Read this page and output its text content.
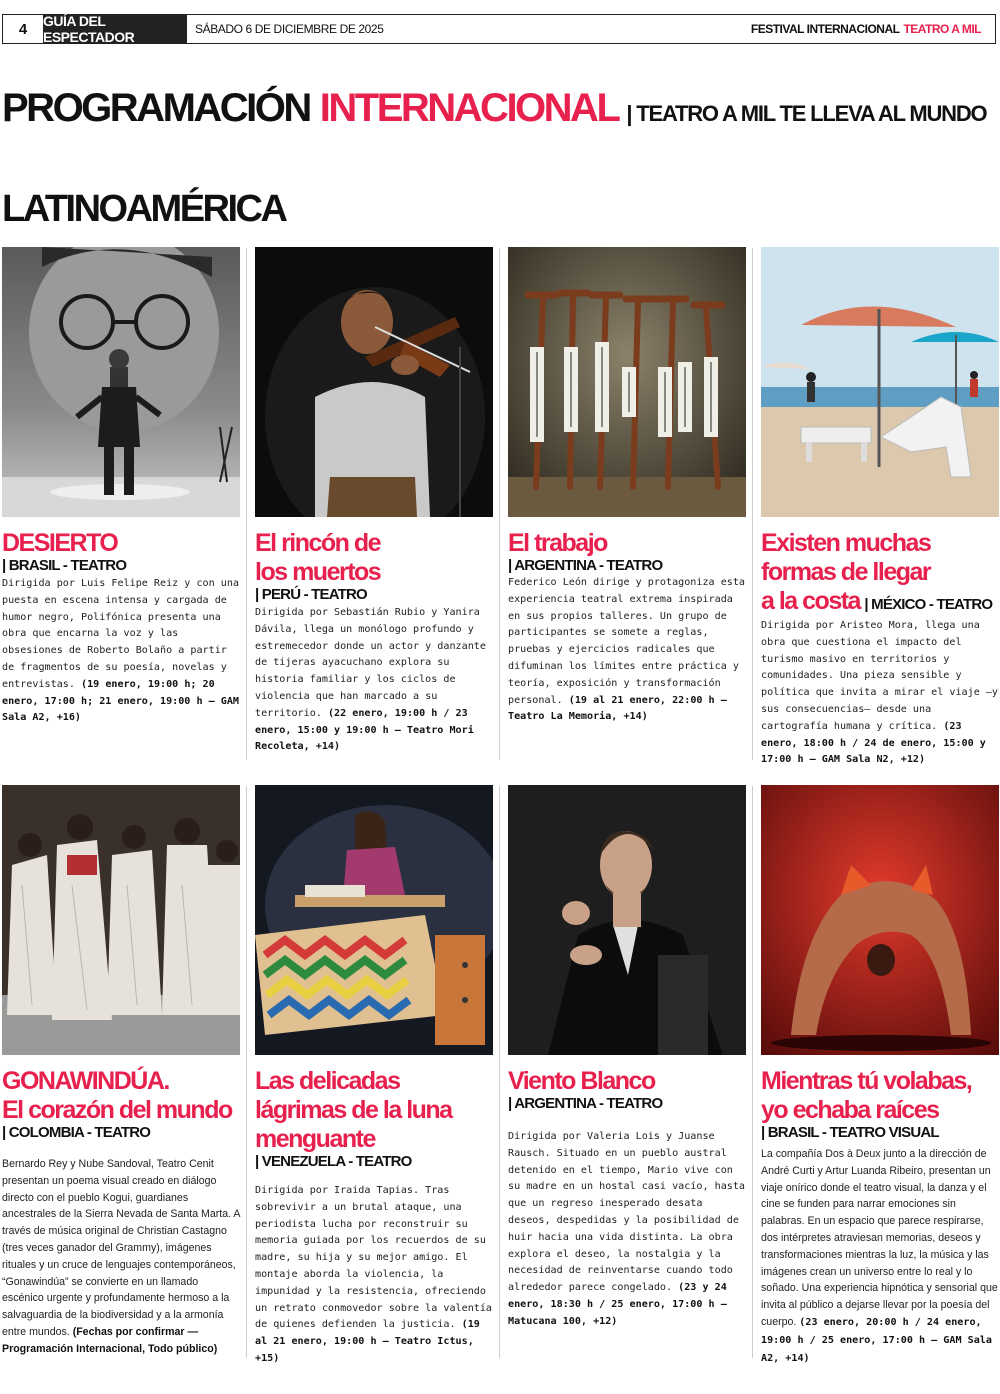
4	GUÍA DEL ESPECTADOR	SÁBADO 6 DE DICIEMBRE DE 2025	FESTIVAL INTERNACIONAL TEATRO A MIL
PROGRAMACIÓN INTERNACIONAL | TEATRO A MIL TE LLEVA AL MUNDO
LATINOAMÉRICA
DESIERTO | BRASIL - TEATRO
Dirigida por Luis Felipe Reiz y con una puesta en escena intensa y cargada de humor negro, Polifónica presenta una obra que encarna la voz y las obsesiones de Roberto Bolaño a partir de fragmentos de su poesía, novelas y entrevistas. (19 enero, 19:00 h; 20 enero, 17:00 h; 21 enero, 19:00 h — GAM Sala A2, +16)
El rincón de
los muertos | PERÚ - TEATRO
Dirigida por Sebastián Rubio y Yanira Dávila, llega un monólogo profundo y estremecedor donde un actor y danzante de tijeras ayacuchano explora su historia familiar y los ciclos de violencia que han marcado a su territorio. (22 enero, 19:00 h / 23 enero, 15:00 y 19:00 h — Teatro Mori Recoleta, +14)
El trabajo
| ARGENTINA - TEATRO
Federico León dirige y protagoniza esta experiencia teatral extrema inspirada en sus propios talleres. Un grupo de participantes se somete a reglas, pruebas y ejercicios radicales que difuminan los límites entre práctica y teoría, exposición y transformación personal. (19 al 21 enero, 22:00 h — Teatro La Memoria, +14)
Existen muchas
formas de llegar
a la costa | MÉXICO - TEATRO
Dirigida por Aristeo Mora, llega una obra que cuestiona el impacto del turismo masivo en territorios y comunidades. Una pieza sensible y política que invita a mirar el viaje —y sus consecuencias— desde una cartografía humana y crítica. (23 enero, 18:00 h / 24 de enero, 15:00 y 17:00 h — GAM Sala N2, +12)
GONAWINDÚA.
El corazón del mundo
| COLOMBIA - TEATRO
Bernardo Rey y Nube Sandoval, Teatro Cenit presentan un poema visual creado en diálogo directo con el pueblo Kogui, guardianes ancestrales de la Sierra Nevada de Santa Marta. A través de música original de Christian Castagno (tres veces ganador del Grammy), imágenes rituales y un cruce de lenguajes contemporáneos, “Gonawindúa” se convierte en un llamado escénico urgente y profundamente hermoso a la salvaguardia de la biodiversidad y a la armonía entre mundos. (Fechas por confirmar — Programación Internacional, Todo público)
Las delicadas
lágrimas de la luna
menguante
| VENEZUELA - TEATRO
Dirigida por Iraida Tapias. Tras sobrevivir a un brutal ataque, una periodista lucha por reconstruir su memoria guiada por los recuerdos de su madre, su hija y su mejor amigo. El montaje aborda la violencia, la impunidad y la resistencia, ofreciendo un retrato conmovedor sobre la valentía de quienes defienden la justicia. (19 al 21 enero, 19:00 h — Teatro Ictus, +15)
Viento Blanco
| ARGENTINA - TEATRO
Dirigida por Valeria Lois y Juanse Rausch. Situado en un pueblo austral detenido en el tiempo, Mario vive con su madre en un hostal casi vacío, hasta que un regreso inesperado desata deseos, despedidas y la posibilidad de huir hacia una vida distinta. La obra explora el deseo, la nostalgia y la necesidad de reinventarse cuando todo alrededor parece congelado. (23 y 24 enero, 18:30 h / 25 enero, 17:00 h — Matucana 100, +12)
Mientras tú volabas,
yo echaba raíces
| BRASIL - TEATRO VISUAL
La compañía Dos à Deux junto a la dirección de André Curti y Artur Luanda Ribeiro, presentan un viaje onírico donde el teatro visual, la danza y el cine se funden para narrar emociones sin palabras. En un espacio que parece respirarse, dos intérpretes atraviesan memorias, deseos y transformaciones mientras la luz, la música y las imágenes crean un universo entre lo real y lo soñado. Una experiencia hipnótica y sensorial que invita al público a dejarse llevar por la poesía del cuerpo. (23 enero, 20:00 h / 24 enero, 19:00 h / 25 enero, 17:00 h — GAM Sala A2, +14)
